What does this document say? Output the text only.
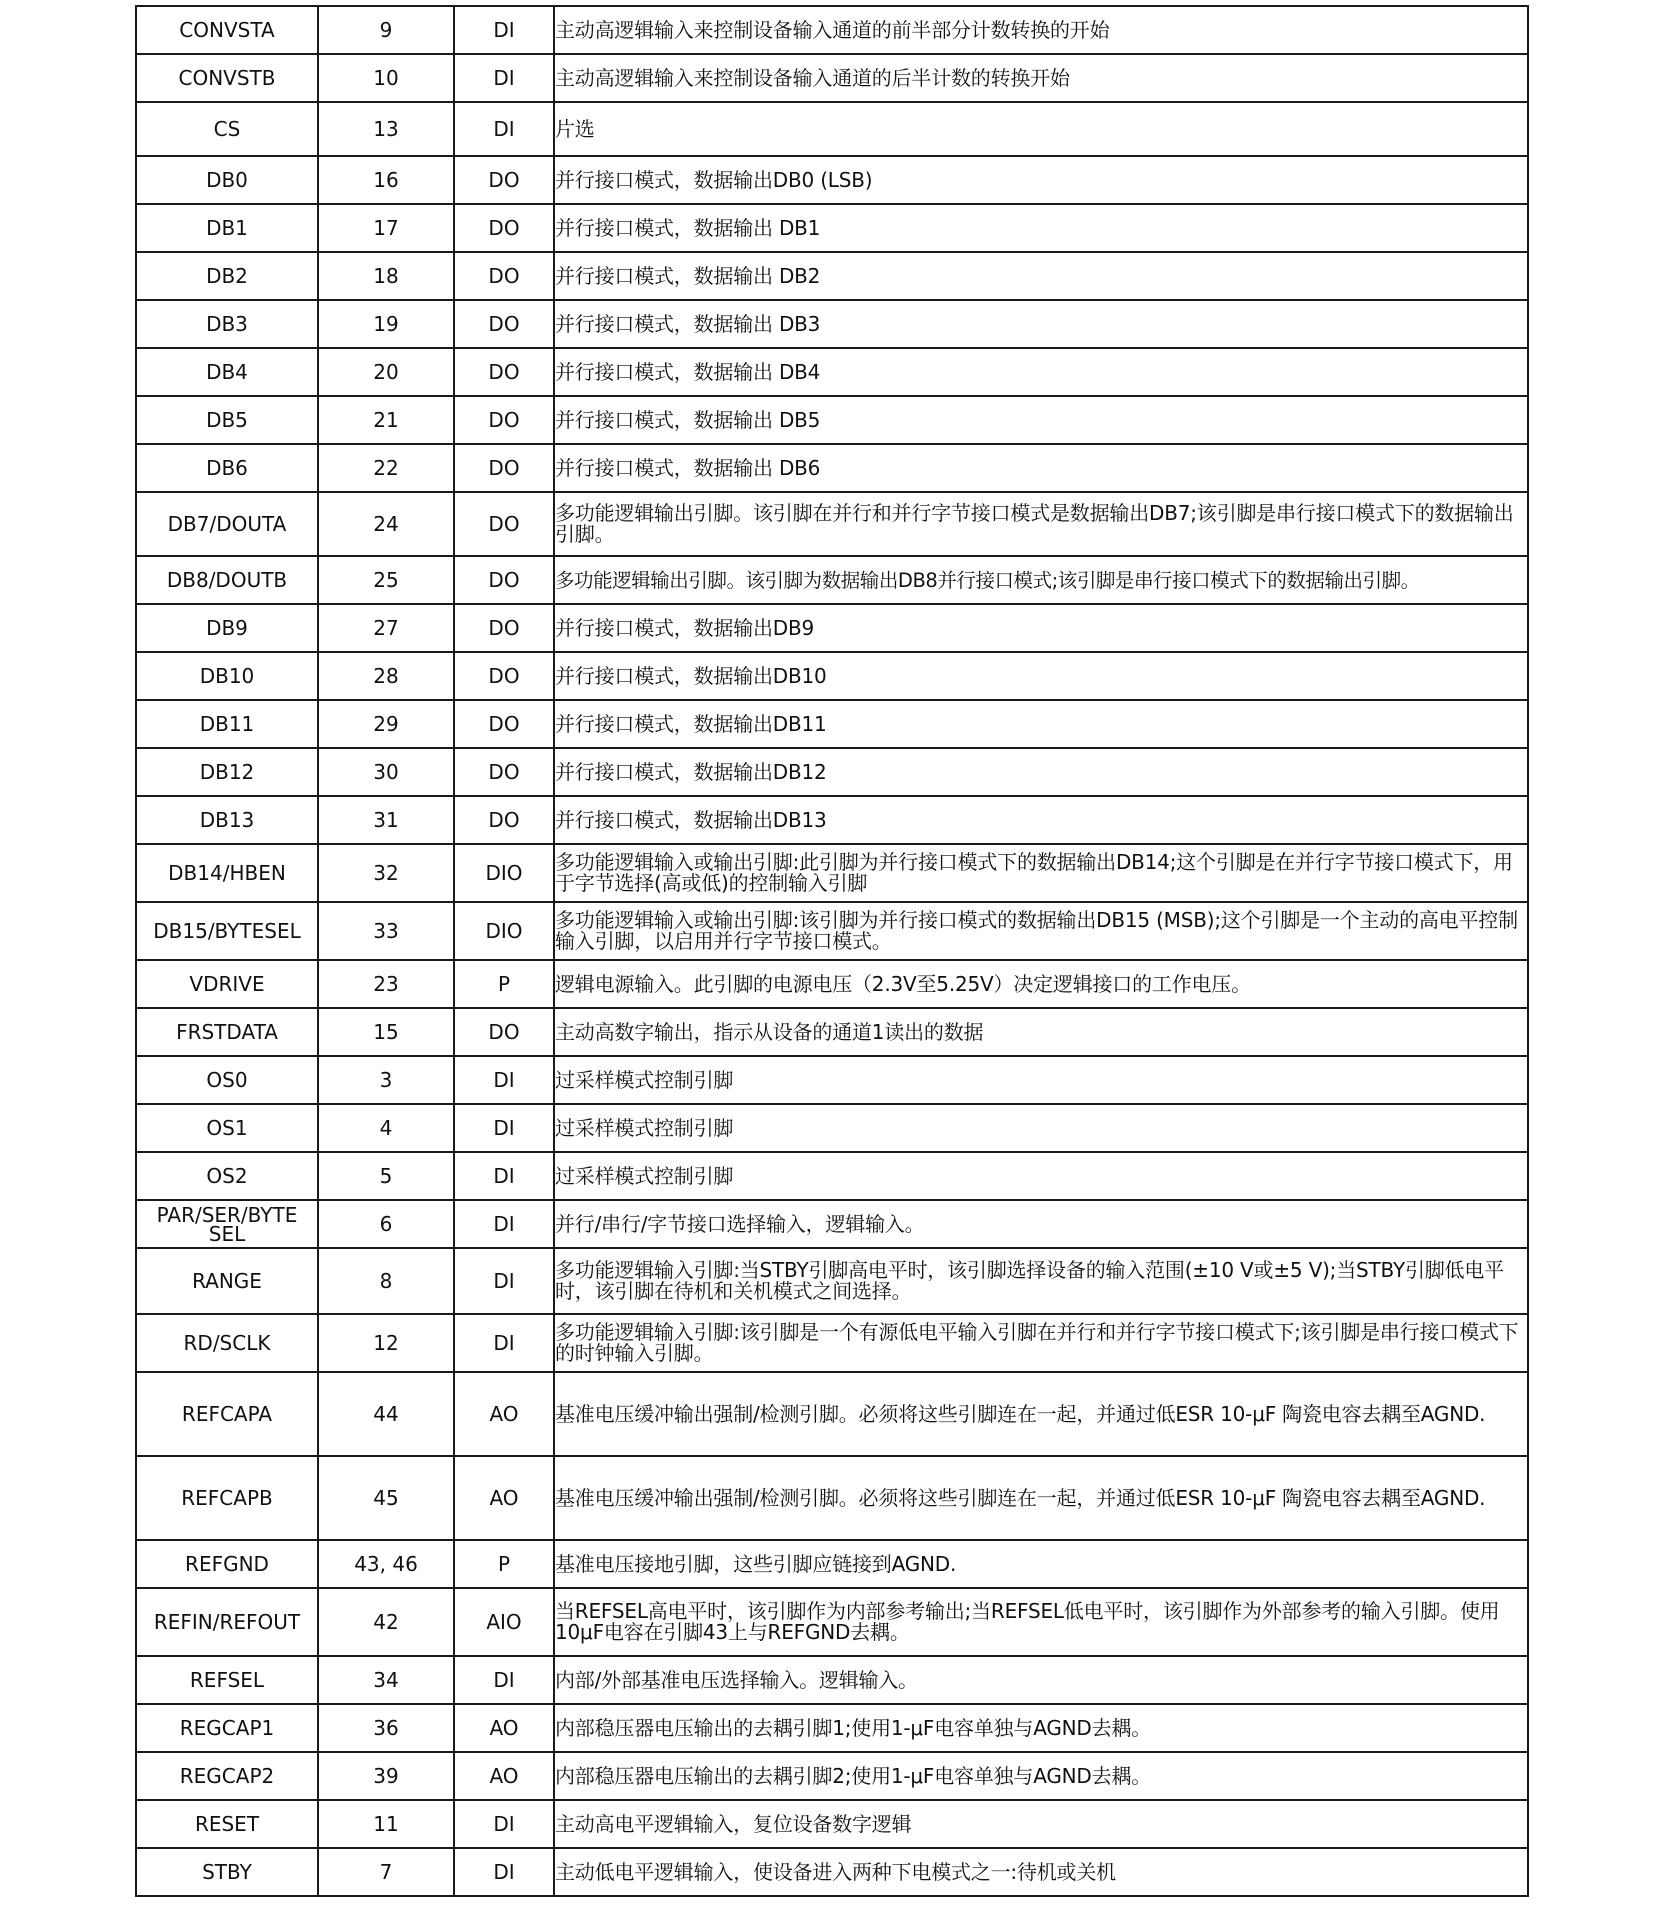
CONVSTA	9	DI	主动高逻辑输入来控制设备输入通道的前半部分计数转换的开始
CONVSTB	10	DI	主动高逻辑输入来控制设备输入通道的后半计数的转换开始
CS	13	DI	片选
DB0	16	DO	并行接口模式，数据输出DB0 (LSB)
DB1	17	DO	并行接口模式，数据输出 DB1
DB2	18	DO	并行接口模式，数据输出 DB2
DB3	19	DO	并行接口模式，数据输出 DB3
DB4	20	DO	并行接口模式，数据输出 DB4
DB5	21	DO	并行接口模式，数据输出 DB5
DB6	22	DO	并行接口模式，数据输出 DB6
DB7/DOUTA	24	DO	多功能逻辑输出引脚。该引脚在并行和并行字节接口模式是数据输出DB7;该引脚是串行接口模式下的数据输出引脚。
DB8/DOUTB	25	DO	多功能逻辑输出引脚。该引脚为数据输出DB8并行接口模式;该引脚是串行接口模式下的数据输出引脚。
DB9	27	DO	并行接口模式，数据输出DB9
DB10	28	DO	并行接口模式，数据输出DB10
DB11	29	DO	并行接口模式，数据输出DB11
DB12	30	DO	并行接口模式，数据输出DB12
DB13	31	DO	并行接口模式，数据输出DB13
DB14/HBEN	32	DIO	多功能逻辑输入或输出引脚:此引脚为并行接口模式下的数据输出DB14;这个引脚是在并行字节接口模式下，用于字节选择(高或低)的控制输入引脚
DB15/BYTESEL	33	DIO	多功能逻辑输入或输出引脚:该引脚为并行接口模式的数据输出DB15 (MSB);这个引脚是一个主动的高电平控制输入引脚，以启用并行字节接口模式。
VDRIVE	23	P	逻辑电源输入。此引脚的电源电压（2.3V至5.25V）决定逻辑接口的工作电压。
FRSTDATA	15	DO	主动高数字输出，指示从设备的通道1读出的数据
OS0	3	DI	过采样模式控制引脚
OS1	4	DI	过采样模式控制引脚
OS2	5	DI	过采样模式控制引脚
PAR/SER/BYTE SEL	6	DI	并行/串行/字节接口选择输入，逻辑输入。
RANGE	8	DI	多功能逻辑输入引脚:当STBY引脚高电平时，该引脚选择设备的输入范围(±10 V或±5 V);当STBY引脚低电平时，该引脚在待机和关机模式之间选择。
RD/SCLK	12	DI	多功能逻辑输入引脚:该引脚是一个有源低电平输入引脚在并行和并行字节接口模式下;该引脚是串行接口模式下的时钟输入引脚。
REFCAPA	44	AO	基准电压缓冲输出强制/检测引脚。必须将这些引脚连在一起，并通过低ESR 10-μF 陶瓷电容去耦至AGND.
REFCAPB	45	AO	基准电压缓冲输出强制/检测引脚。必须将这些引脚连在一起，并通过低ESR 10-μF 陶瓷电容去耦至AGND.
REFGND	43, 46	P	基准电压接地引脚，这些引脚应链接到AGND.
REFIN/REFOUT	42	AIO	当REFSEL高电平时，该引脚作为内部参考输出;当REFSEL低电平时，该引脚作为外部参考的输入引脚。使用10μF电容在引脚43上与REFGND去耦。
REFSEL	34	DI	内部/外部基准电压选择输入。逻辑输入。
REGCAP1	36	AO	内部稳压器电压输出的去耦引脚1;使用1-μF电容单独与AGND去耦。
REGCAP2	39	AO	内部稳压器电压输出的去耦引脚2;使用1-μF电容单独与AGND去耦。
RESET	11	DI	主动高电平逻辑输入，复位设备数字逻辑
STBY	7	DI	主动低电平逻辑输入，使设备进入两种下电模式之一:待机或关机
